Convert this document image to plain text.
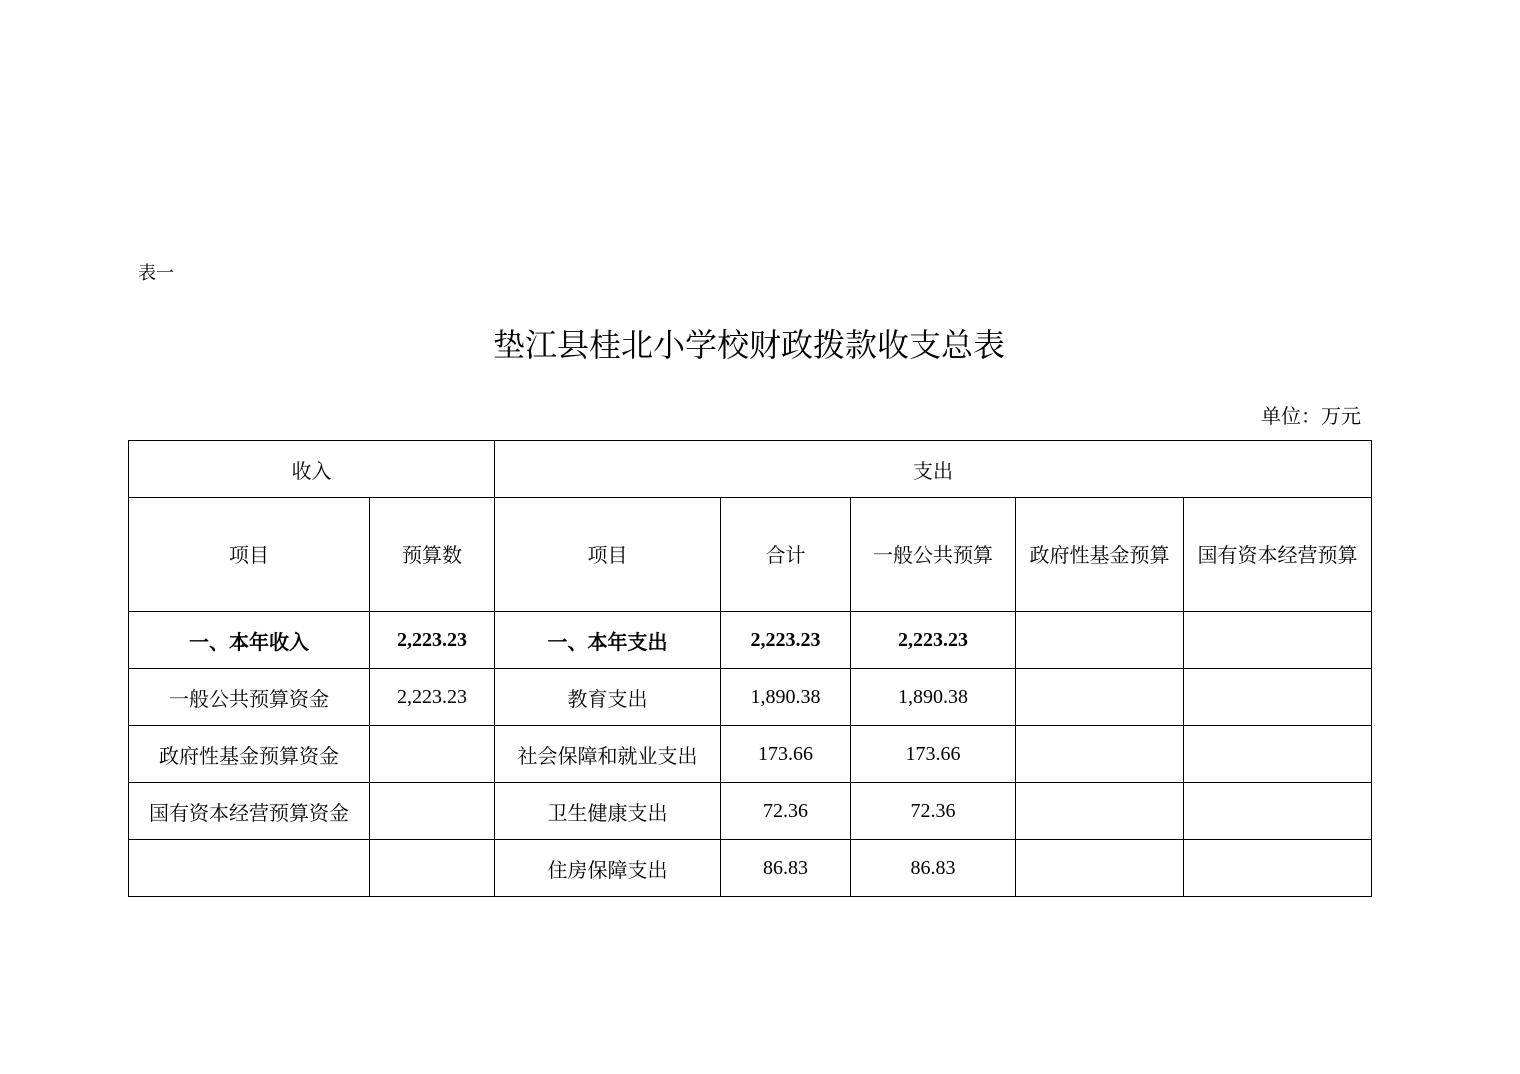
表一
垫江县桂北小学校财政拨款收支总表
单位：万元
收入		支出				
项目	预算数	项目	合计	一般公共预算	政府性基金预算	国有资本经营预算
一、本年收入	2,223.23	一、本年支出	2,223.23	2,223.23		
一般公共预算资金	2,223.23	教育支出	1,890.38	1,890.38		
政府性基金预算资金		社会保障和就业支出	173.66	173.66		
国有资本经营预算资金		卫生健康支出	72.36	72.36		
		住房保障支出	86.83	86.83		
